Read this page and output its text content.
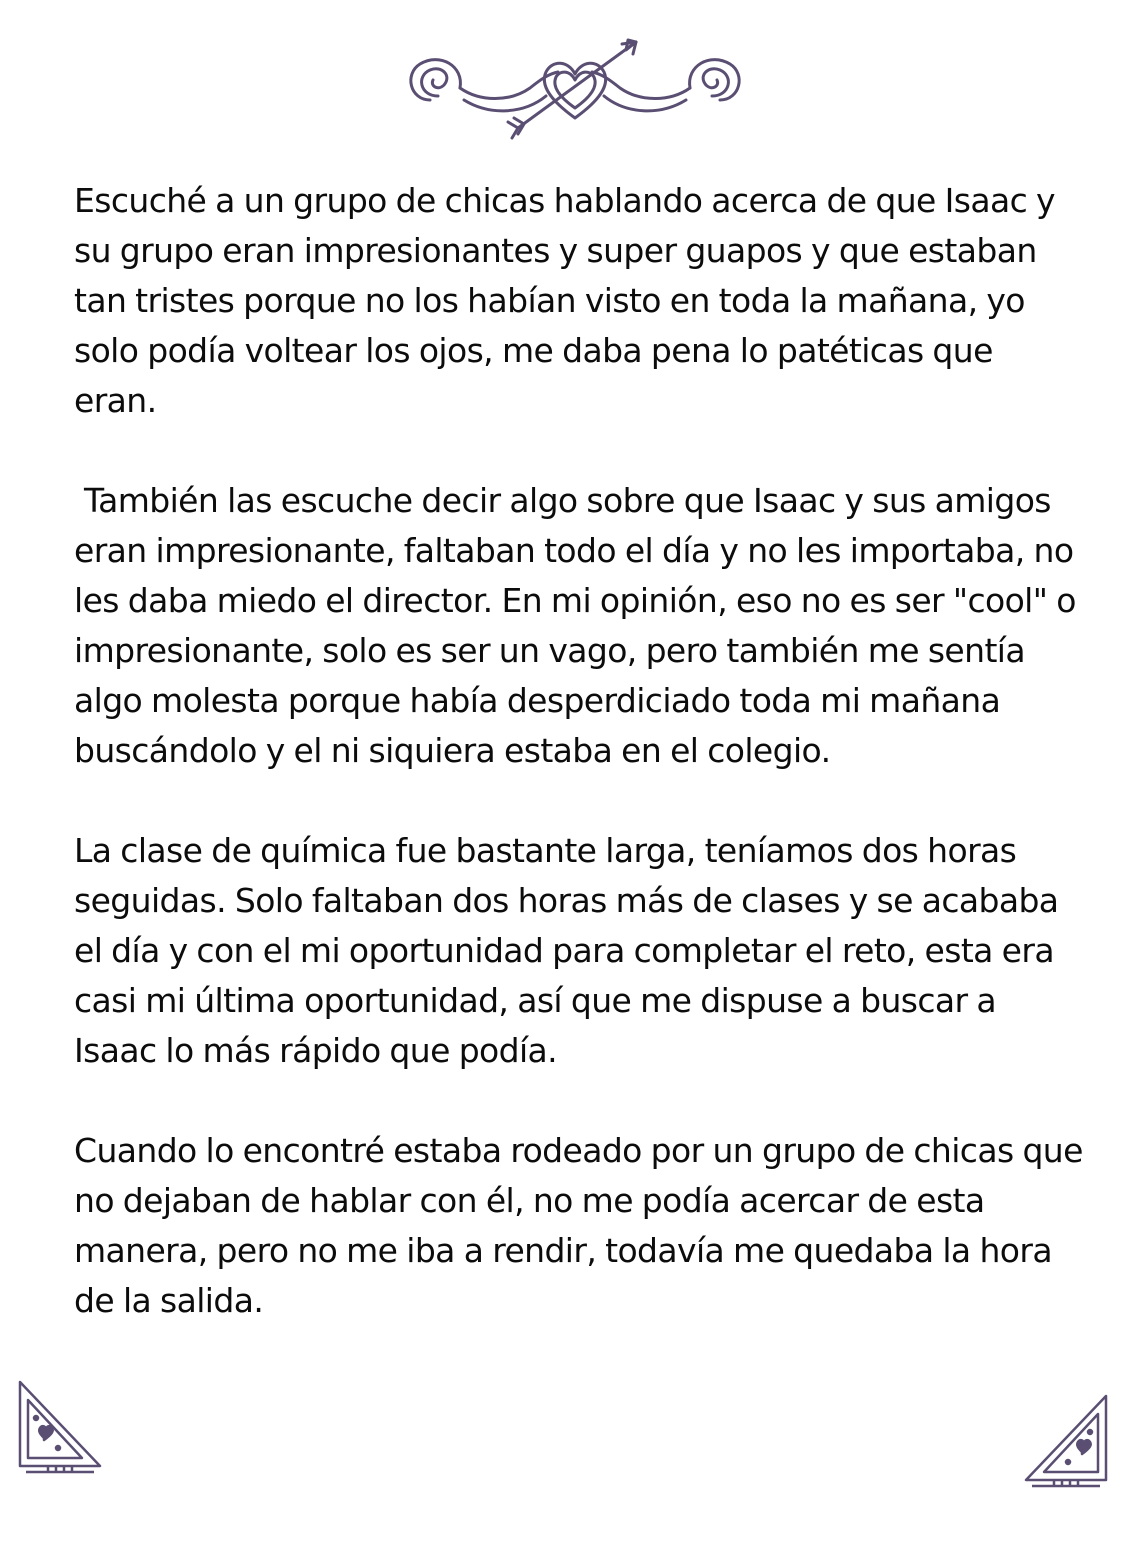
Escuché a un grupo de chicas hablando acerca de que Isaac y su grupo eran impresionantes y super guapos y que estaban tan tristes porque no los habían visto en toda la mañana, yo solo podía voltear los ojos, me daba pena lo patéticas que eran.

También las escuche decir algo sobre que Isaac y sus amigos eran impresionante, faltaban todo el día y no les importaba, no les daba miedo el director. En mi opinión, eso no es ser "cool" o impresionante, solo es ser un vago, pero también me sentía algo molesta porque había desperdiciado toda mi mañana buscándolo y el ni siquiera estaba en el colegio.

La clase de química fue bastante larga, teníamos dos horas seguidas. Solo faltaban dos horas más de clases y se acababa el día y con el mi oportunidad para completar el reto, esta era casi mi última oportunidad, así que me dispuse a buscar a Isaac lo más rápido que podía.

Cuando lo encontré estaba rodeado por un grupo de chicas que no dejaban de hablar con él, no me podía acercar de esta manera, pero no me iba a rendir, todavía me quedaba la hora de la salida.
